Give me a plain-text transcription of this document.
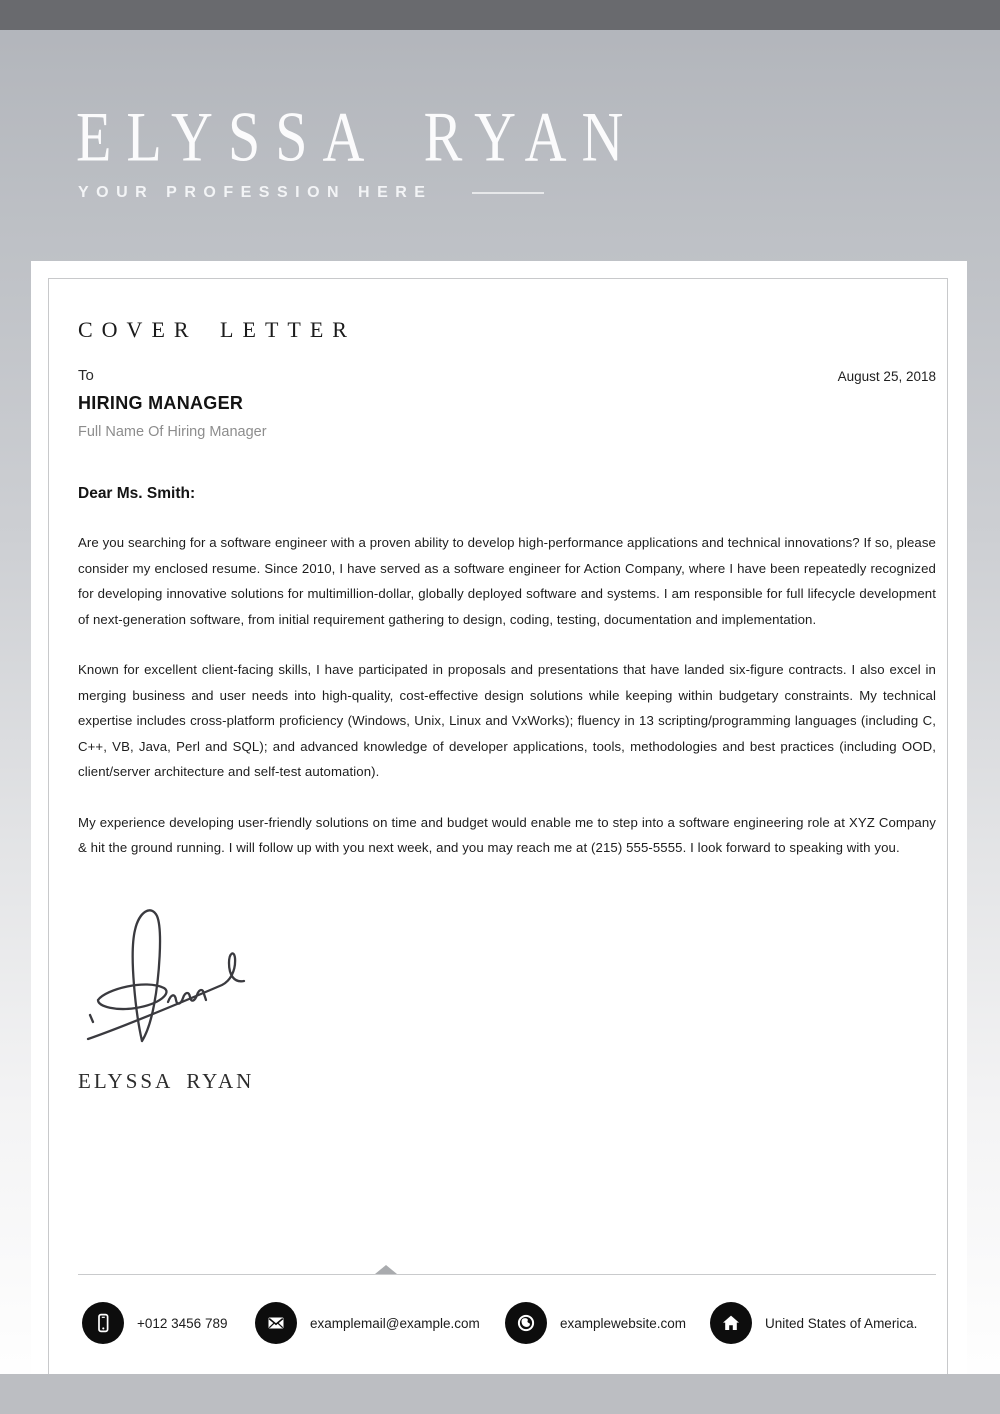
ELYSSA RYAN
YOUR PROFESSION HERE
COVER LETTER
To
HIRING MANAGER
Full Name Of Hiring Manager
August 25, 2018
Dear Ms. Smith:

Are you searching for a software engineer with a proven ability to develop high-performance applications and technical innovations? If so, please consider my enclosed resume. Since 2010, I have served as a software engineer for Action Company, where I have been repeatedly recognized for developing innovative solutions for multimillion-dollar, globally deployed software and systems. I am responsible for full lifecycle development of next-generation software, from initial requirement gathering to design, coding, testing, documentation and implementation.

Known for excellent client-facing skills, I have participated in proposals and presentations that have landed six-figure contracts. I also excel in merging business and user needs into high-quality, cost-effective design solutions while keeping within budgetary constraints. My technical expertise includes cross-platform proficiency (Windows, Unix, Linux and VxWorks); fluency in 13 scripting/programming languages (including C, C++, VB, Java, Perl and SQL); and advanced knowledge of developer applications, tools, methodologies and best practices (including OOD, client/server architecture and self-test automation).

My experience developing user-friendly solutions on time and budget would enable me to step into a software engineering role at XYZ Company & hit the ground running. I will follow up with you next week, and you may reach me at (215) 555-5555. I look forward to speaking with you.

ELYSSA RYAN
+012 3456 789	examplemail@example.com	examplewebsite.com	United States of America.
